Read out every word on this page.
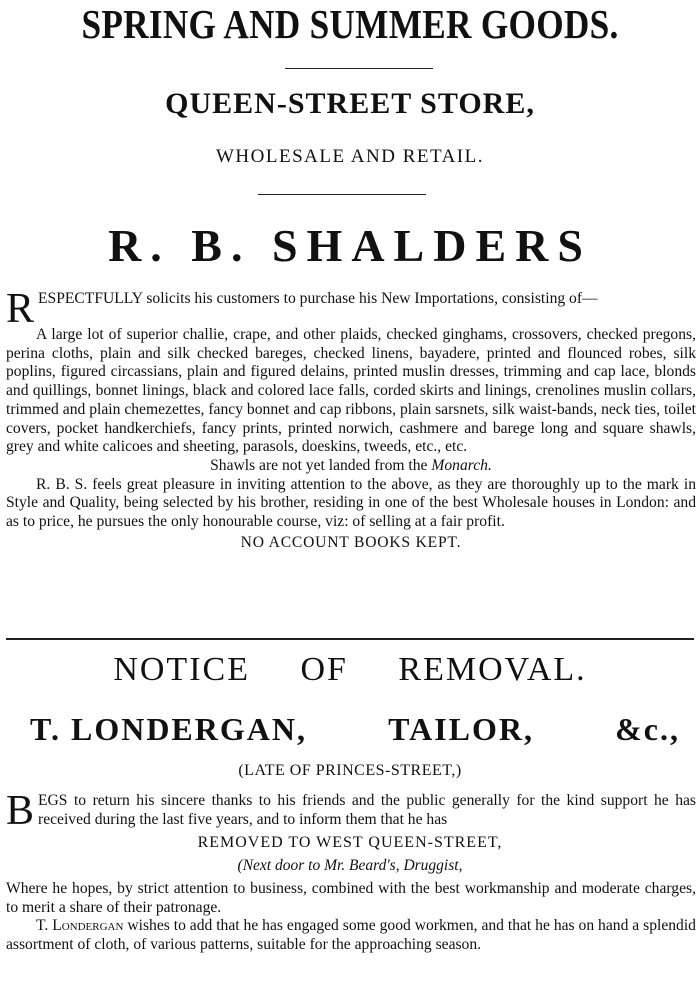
SPRING AND SUMMER GOODS.
QUEEN-STREET STORE,
WHOLESALE AND RETAIL.
R. B. SHALDERS

RESPECTFULLY solicits his customers to purchase his New Importations, consisting of—

A large lot of superior challie, crape, and other plaids, checked ginghams, crossovers, checked pregons, perina cloths, plain and silk checked bareges, checked linens, bayadere, printed and flounced robes, silk poplins, figured circassians, plain and figured delains, printed muslin dresses, trimming and cap lace, blonds and quillings, bonnet linings, black and colored lace falls, corded skirts and linings, crenolines muslin collars, trimmed and plain chemezettes, fancy bonnet and cap ribbons, plain sarsnets, silk waist-bands, neck ties, toilet covers, pocket handkerchiefs, fancy prints, printed norwich, cashmere and barege long and square shawls, grey and white calicoes and sheeting, parasols, doeskins, tweeds, etc., etc.

Shawls are not yet landed from the Monarch.

R. B. S. feels great pleasure in inviting attention to the above, as they are thoroughly up to the mark in Style and Quality, being selected by his brother, residing in one of the best Wholesale houses in London: and as to price, he pursues the only honourable course, viz: of selling at a fair profit.

NO ACCOUNT BOOKS KEPT.

NOTICE OF REMOVAL.
T. LONDERGAN,	TAILOR,	&c.,
(LATE OF PRINCES-STREET,)
BEGS to return his sincere thanks to his friends and the public generally for the kind support he has received during the last five years, and to inform them that he has
REMOVED TO WEST QUEEN-STREET,
(Next door to Mr. Beard's, Druggist,

Where he hopes, by strict attention to business, combined with the best workmanship and moderate charges, to merit a share of their patronage.

T. Londergan wishes to add that he has engaged some good workmen, and that he has on hand a splendid assortment of cloth, of various patterns, suitable for the approaching season.
